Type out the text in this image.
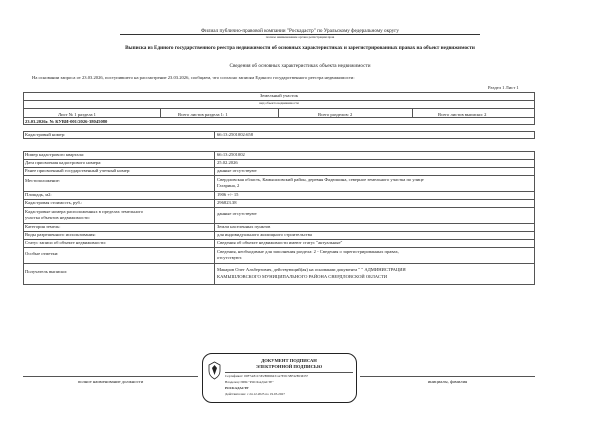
Филиал публично-правовой компании "Роскадастр" по Уральскому федеральному округу
полное наименование органа регистрации прав
Выписка из Единого государственного реестра недвижимости об основных характеристиках и зарегистрированных правах на объект недвижимости
Сведения об основных характеристиках объекта недвижимости
На основании запроса от 23.03.2026, поступившего на рассмотрение 23.03.2026, сообщаем, что согласно записям Единого государственного реестра недвижимости:
Раздел 1 Лист 1
Земельный участок
вид объекта недвижимости
Лист № 1 раздела 1	Всего листов раздела 1: 1	Всего разделов: 2	Всего листов выписки: 2
23.03.2026г. № КУВИ-001/2026-38045080
Кадастровый номер:	66:13:2501002:658
Номер кадастрового квартала:	66:13:2501002
Дата присвоения кадастрового номера:	25.02.2026
Ранее присвоенный государственный учетный номер:	данные отсутствуют
Местоположение:	Свердловская область, Камышловский район, деревня Фадюшина, северное земельного участка по улице
Гагарина, 2
Площадь, м2:	1906 +/- 15
Кадастровая стоимость, руб.:	296823.38
Кадастровые номера расположенных в пределах земельного
участка объектов недвижимости:
данные отсутствуют
Категория земель:	Земли населенных пунктов
Виды разрешенного использования:	для индивидуального жилищного строительства
Статус записи об объекте недвижимости:	Сведения об объекте недвижимости имеют статус "актуальные"
Особые отметки:	Сведения, необходимые для заполнения раздела: 2 - Сведения о зарегистрированных правах,
отсутствуют.
Получатель выписки:	Макаров Олег Альбертович, действующий(ая) на основании документа " " АДМИНИСТРАЦИЯ
КАМЫШЛОВСКОГО МУНИЦИПАЛЬНОГО РАЙОНА СВЕРДЛОВСКОЙ ОБЛАСТИ
полное наименование должности	инициалы, фамилия
ДОКУМЕНТ ПОДПИСАН
ЭЛЕКТРОННОЙ ПОДПИСЬЮ
Сертификат: 00F7A81C5E2B9D6431A7E0C58F42B19D37
Владелец: ППК "РОСКАДАСТР"
РОСКАДАСТР
Действителен: с 24.12.2025 по 19.03.2027
